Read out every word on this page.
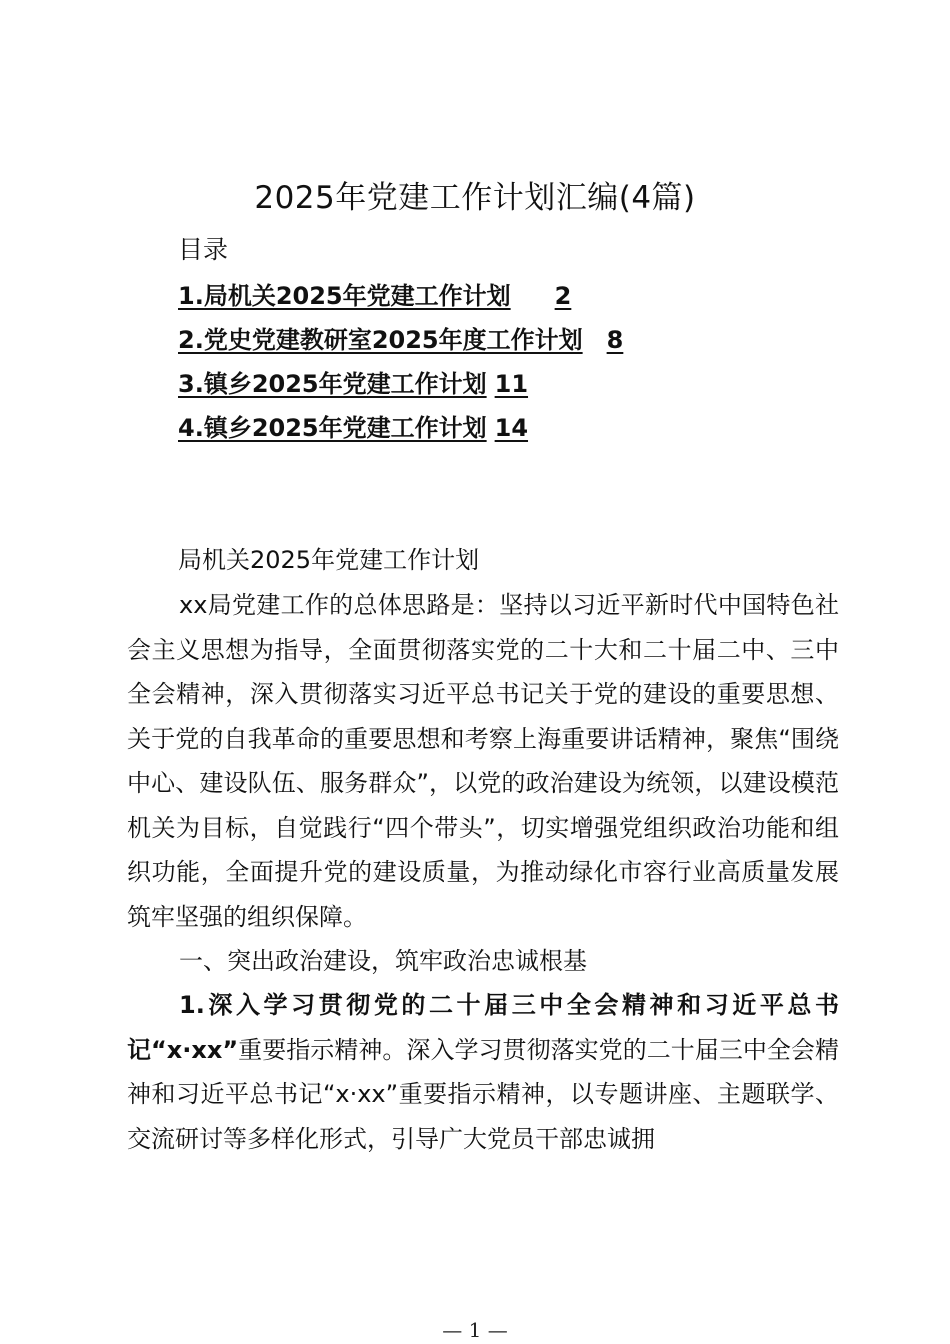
2025年党建工作计划汇编(4篇)
目录
1.局机关2025年党建工作计划 2
2.党史党建教研室2025年度工作计划 8
3.镇乡2025年党建工作计划 11
4.镇乡2025年党建工作计划 14
局机关2025年党建工作计划

xx局党建工作的总体思路是：坚持以习近平新时代中国特色社会主义思想为指导，全面贯彻落实党的二十大和二十届二中、三中全会精神，深入贯彻落实习近平总书记关于党的建设的重要思想、关于党的自我革命的重要思想和考察上海重要讲话精神，聚焦“围绕中心、建设队伍、服务群众”，以党的政治建设为统领，以建设模范机关为目标，自觉践行“四个带头”，切实增强党组织政治功能和组织功能，全面提升党的建设质量，为推动绿化市容行业高质量发展筑牢坚强的组织保障。

一、突出政治建设，筑牢政治忠诚根基

1.深入学习贯彻党的二十届三中全会精神和习近平总书记“x·xx”重要指示精神。深入学习贯彻落实党的二十届三中全会精神和习近平总书记“x·xx”重要指示精神，以专题讲座、主题联学、交流研讨等多样化形式，引导广大党员干部忠诚拥

— 1 —
